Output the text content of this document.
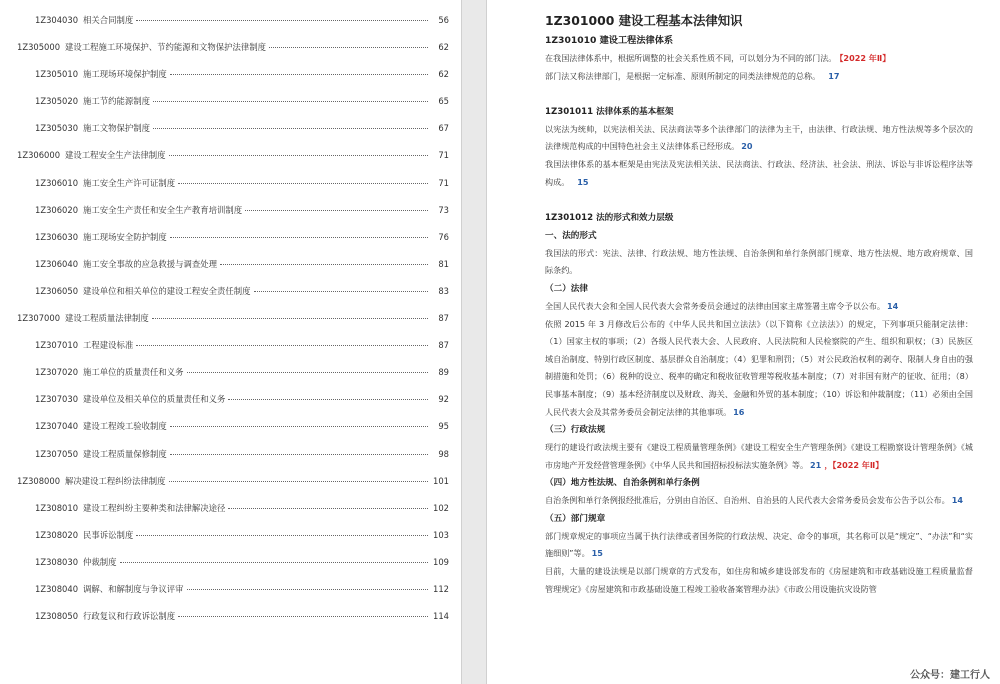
1Z304030 相关合同制度	56
1Z305000 建设工程施工环境保护、节约能源和文物保护法律制度	62
1Z305010 施工现场环境保护制度	62
1Z305020 施工节约能源制度	65
1Z305030 施工文物保护制度	67
1Z306000 建设工程安全生产法律制度	71
1Z306010 施工安全生产许可证制度	71
1Z306020 施工安全生产责任和安全生产教育培训制度	73
1Z306030 施工现场安全防护制度	76
1Z306040 施工安全事故的应急救援与调查处理	81
1Z306050 建设单位和相关单位的建设工程安全责任制度	83
1Z307000 建设工程质量法律制度	87
1Z307010 工程建设标准	87
1Z307020 施工单位的质量责任和义务	89
1Z307030 建设单位及相关单位的质量责任和义务	92
1Z307040 建设工程竣工验收制度	95
1Z307050 建设工程质量保修制度	98
1Z308000 解决建设工程纠纷法律制度	101
1Z308010 建设工程纠纷主要种类和法律解决途径	102
1Z308020 民事诉讼制度	103
1Z308030 仲裁制度	109
1Z308040 调解、和解制度与争议评审	112
1Z308050 行政复议和行政诉讼制度	114
1Z301000 建设工程基本法律知识
1Z301010 建设工程法律体系
在我国法律体系中，根据所调整的社会关系性质不同，可以划分为不同的部门法。 【2022 年Ⅱ】
部门法又称法律部门，是根据一定标准、原则所制定的同类法律规范的总称。 17
1Z301011 法律体系的基本框架
以宪法为统帅，以宪法相关法、民法商法等多个法律部门的法律为主干，由法律、行政法规、地方性法规等多个层次的法律规范构成的中国特色社会主义法律体系已经形成。 20
我国法律体系的基本框架是由宪法及宪法相关法、民法商法、行政法、经济法、社会法、刑法、诉讼与非诉讼程序法等构成。 15
1Z301012 法的形式和效力层级
一、法的形式
我国法的形式：宪法、法律、行政法规、地方性法规、自治条例和单行条例部门规章、地方性法规、地方政府规章、国际条约。
（二）法律
全国人民代表大会和全国人民代表大会常务委员会通过的法律由国家主席签署主席令予以公布。 14
依照 2015 年 3 月修改后公布的《中华人民共和国立法法》（以下简称《立法法》）的规定，下列事项只能制定法律：（1）国家主权的事项；（2）各级人民代表大会、人民政府、人民法院和人民检察院的产生、组织和职权；（3）民族区域自治制度、特别行政区制度、基层群众自治制度；（4）犯罪和刑罚；（5）对公民政治权利的剥夺、限制人身自由的强制措施和处罚；（6）税种的设立、税率的确定和税收征收管理等税收基本制度；（7）对非国有财产的征收、征用；（8）民事基本制度；（9）基本经济制度以及财政、海关、金融和外贸的基本制度；（10）诉讼和仲裁制度；（11）必须由全国人民代表大会及其常务委员会制定法律的其他事项。 16
（三）行政法规
现行的建设行政法规主要有《建设工程质量管理条例》《建设工程安全生产管理条例》《建设工程勘察设计管理条例》《城市房地产开发经营管理条例》《中华人民共和国招标投标法实施条例》等。 21 ，【2022 年Ⅱ】
（四）地方性法规、自治条例和单行条例
自治条例和单行条例报经批准后，分别由自治区、自治州、自治县的人民代表大会常务委员会发布公告予以公布。 14
（五）部门规章
部门规章规定的事项应当属于执行法律或者国务院的行政法规、决定、命令的事项，其名称可以是“规定”、“办法”和“实施细则”等。 15
目前，大量的建设法规是以部门规章的方式发布，如住房和城乡建设部发布的《房屋建筑和市政基础设施工程质量监督管理规定》《房屋建筑和市政基础设施工程竣工验收备案管理办法》《市政公用设施抗灾设防管
公众号：建工行人
